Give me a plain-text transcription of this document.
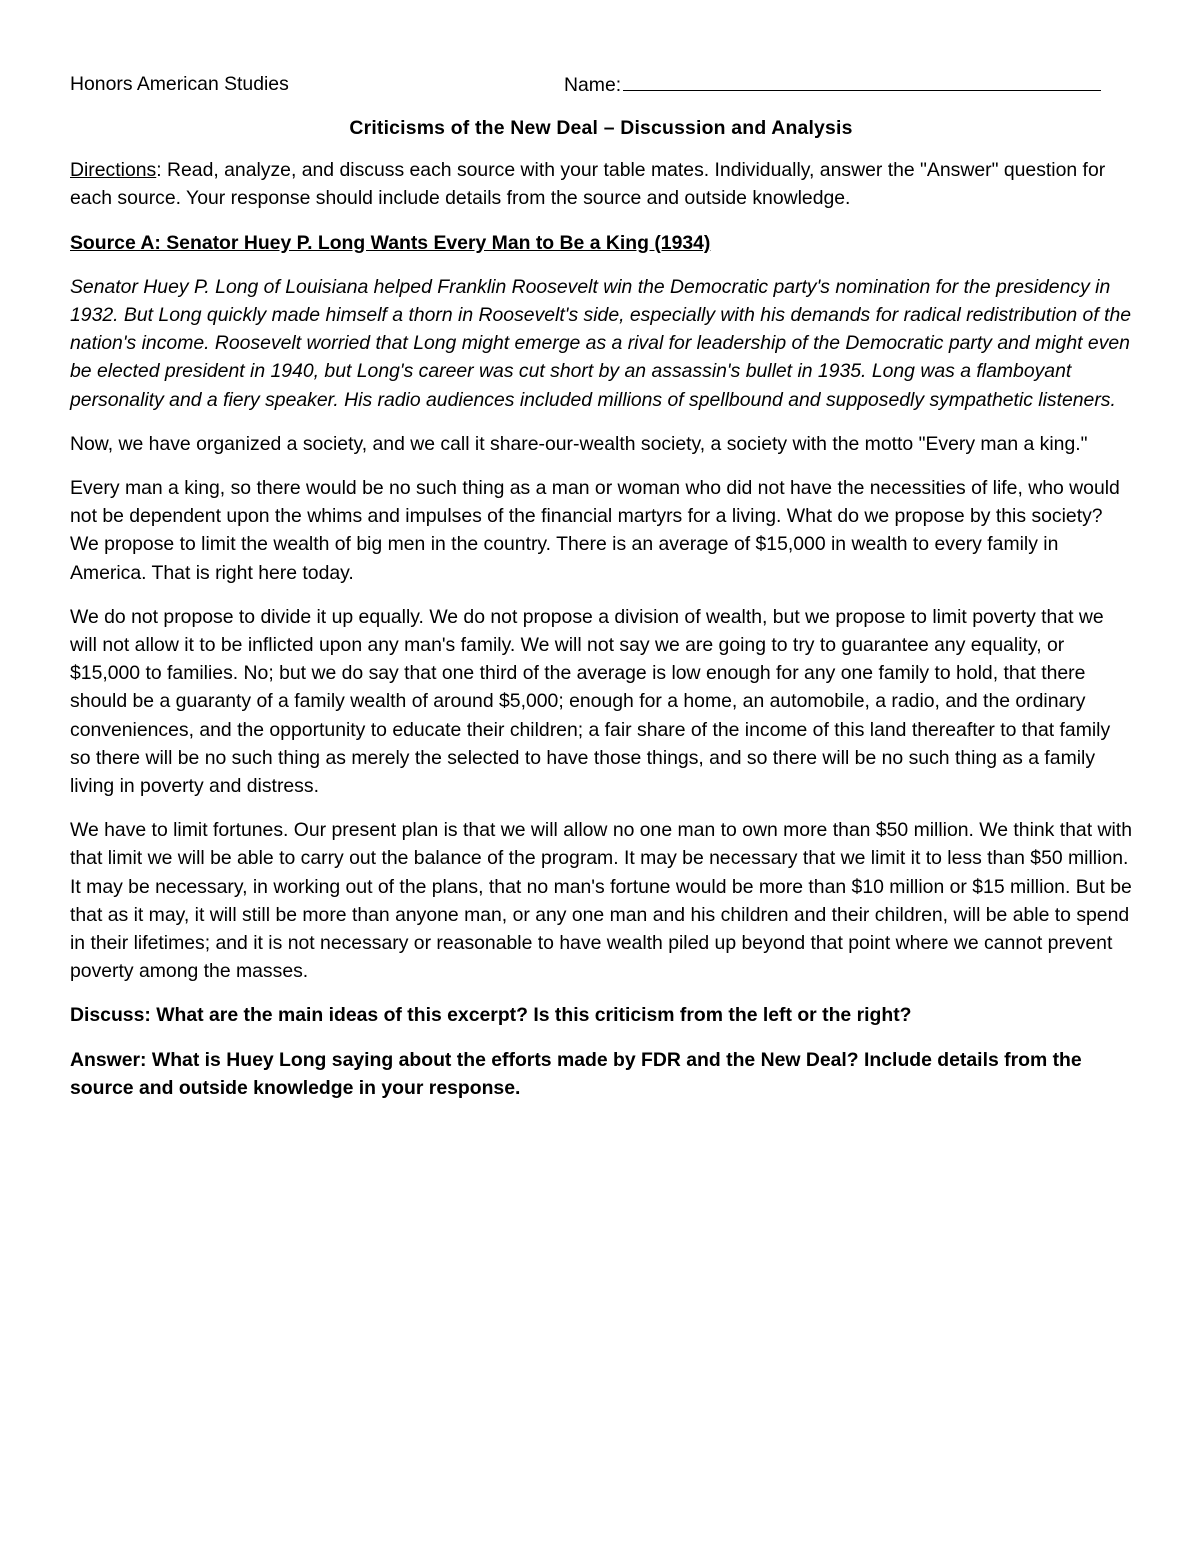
Honors American Studies	Name:
Criticisms of the New Deal – Discussion and Analysis

Directions: Read, analyze, and discuss each source with your table mates. Individually, answer the "Answer" question for each source. Your response should include details from the source and outside knowledge.

Source A: Senator Huey P. Long Wants Every Man to Be a King (1934)

Senator Huey P. Long of Louisiana helped Franklin Roosevelt win the Democratic party's nomination for the presidency in 1932. But Long quickly made himself a thorn in Roosevelt's side, especially with his demands for radical redistribution of the nation's income. Roosevelt worried that Long might emerge as a rival for leadership of the Democratic party and might even be elected president in 1940, but Long's career was cut short by an assassin's bullet in 1935. Long was a flamboyant personality and a fiery speaker. His radio audiences included millions of spellbound and supposedly sympathetic listeners.

Now, we have organized a society, and we call it share-our-wealth society, a society with the motto "Every man a king."

Every man a king, so there would be no such thing as a man or woman who did not have the necessities of life, who would not be dependent upon the whims and impulses of the financial martyrs for a living. What do we propose by this society? We propose to limit the wealth of big men in the country. There is an average of $15,000 in wealth to every family in America. That is right here today.

We do not propose to divide it up equally. We do not propose a division of wealth, but we propose to limit poverty that we will not allow it to be inflicted upon any man's family. We will not say we are going to try to guarantee any equality, or $15,000 to families. No; but we do say that one third of the average is low enough for any one family to hold, that there should be a guaranty of a family wealth of around $5,000; enough for a home, an automobile, a radio, and the ordinary conveniences, and the opportunity to educate their children; a fair share of the income of this land thereafter to that family so there will be no such thing as merely the selected to have those things, and so there will be no such thing as a family living in poverty and distress.

We have to limit fortunes. Our present plan is that we will allow no one man to own more than $50 million. We think that with that limit we will be able to carry out the balance of the program. It may be necessary that we limit it to less than $50 million. It may be necessary, in working out of the plans, that no man's fortune would be more than $10 million or $15 million. But be that as it may, it will still be more than anyone man, or any one man and his children and their children, will be able to spend in their lifetimes; and it is not necessary or reasonable to have wealth piled up beyond that point where we cannot prevent poverty among the masses.

Discuss: What are the main ideas of this excerpt? Is this criticism from the left or the right?

Answer: What is Huey Long saying about the efforts made by FDR and the New Deal? Include details from the source and outside knowledge in your response.
